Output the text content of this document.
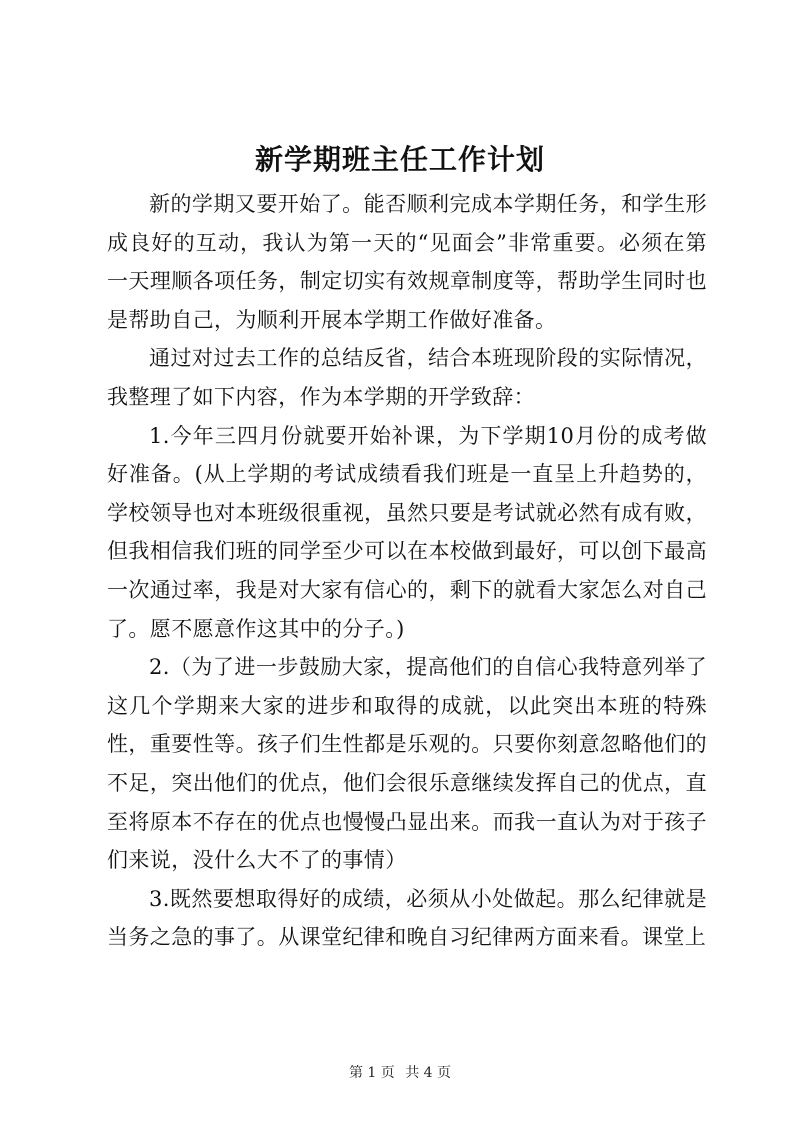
新学期班主任工作计划

新的学期又要开始了。能否顺利完成本学期任务，和学生形成良好的互动，我认为第一天的“见面会”非常重要。必须在第一天理顺各项任务，制定切实有效规章制度等，帮助学生同时也是帮助自己，为顺利开展本学期工作做好准备。

通过对过去工作的总结反省，结合本班现阶段的实际情况，我整理了如下内容，作为本学期的开学致辞：

1.今年三四月份就要开始补课，为下学期10月份的成考做好准备。(从上学期的考试成绩看我们班是一直呈上升趋势的，学校领导也对本班级很重视，虽然只要是考试就必然有成有败，但我相信我们班的同学至少可以在本校做到最好，可以创下最高一次通过率，我是对大家有信心的，剩下的就看大家怎么对自己了。愿不愿意作这其中的分子。)

2.（为了进一步鼓励大家，提高他们的自信心我特意列举了这几个学期来大家的进步和取得的成就，以此突出本班的特殊性，重要性等。孩子们生性都是乐观的。只要你刻意忽略他们的不足，突出他们的优点，他们会很乐意继续发挥自己的优点，直至将原本不存在的优点也慢慢凸显出来。而我一直认为对于孩子们来说，没什么大不了的事情）

3.既然要想取得好的成绩，必须从小处做起。那么纪律就是当务之急的事了。从课堂纪律和晚自习纪律两方面来看。课堂上

第 1 页 共 4 页
